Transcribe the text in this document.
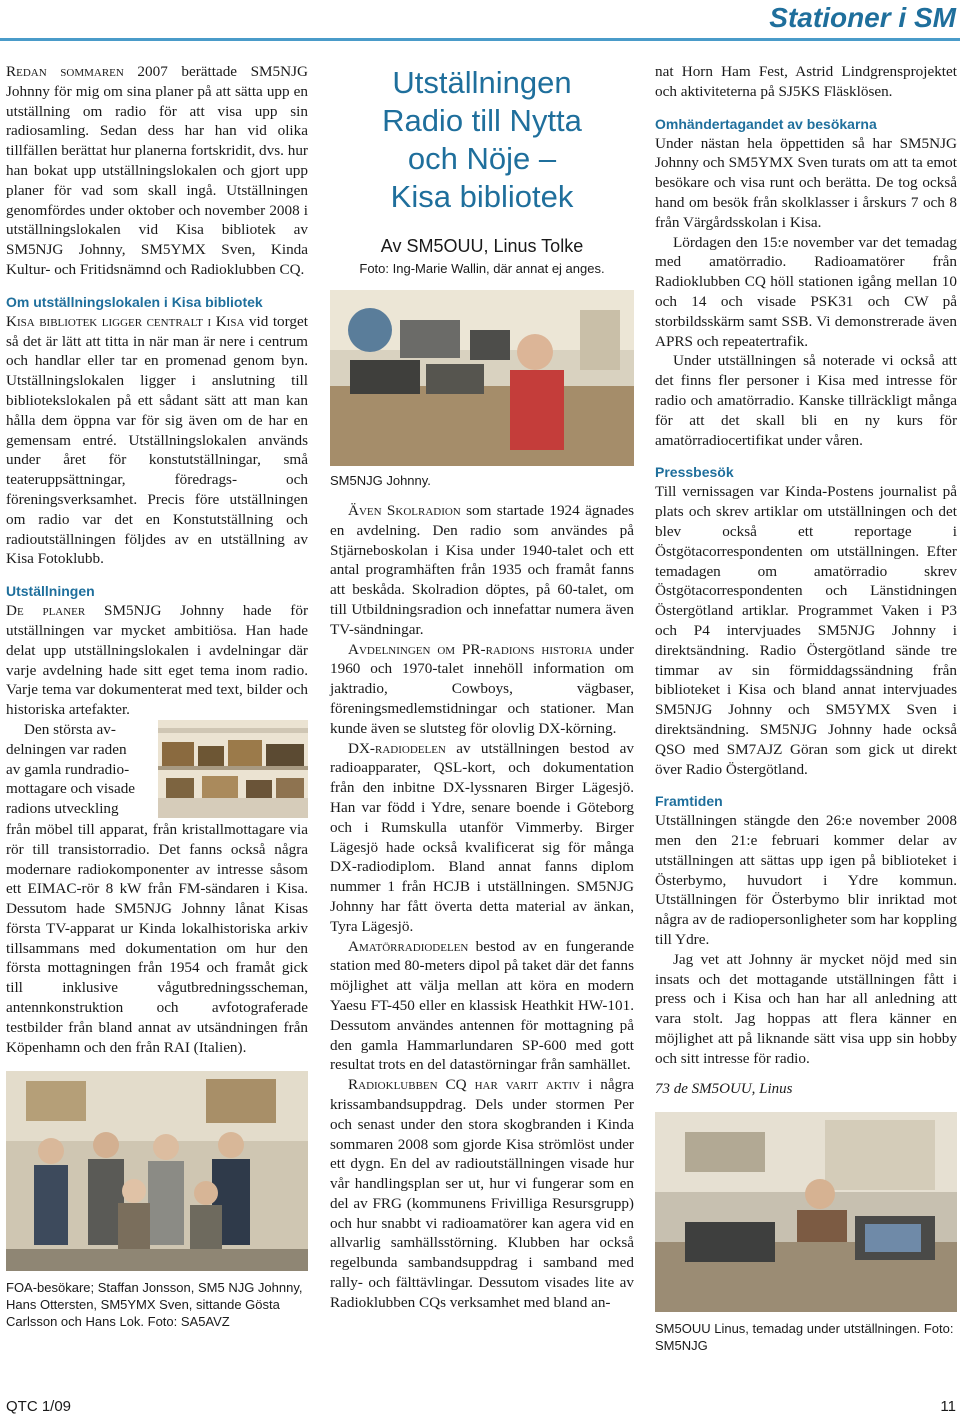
Stationer i SM

Redan sommaren 2007 berättade SM5NJG Johnny för mig om sina planer på att sätta upp en utställning om radio för att visa upp sin radiosamling. Sedan dess har han vid olika tillfällen berättat hur planerna fortskridit, dvs. hur han bokat upp utställningslokalen och gjort upp planer för vad som skall ingå. Utställningen genomfördes under oktober och november 2008 i utställningslokalen vid Kisa bibliotek av SM5NJG Johnny, SM5YMX Sven, Kinda Kultur- och Fritidsnämnd och Radioklubben CQ.

Om utställningslokalen i Kisa bibliotek

Kisa bibliotek ligger centralt i Kisa vid torget så det är lätt att titta in när man är nere i centrum och handlar eller tar en promenad genom byn. Utställningslokalen ligger i anslutning till bibliotekslokalen på ett sådant sätt att man kan hålla dem öppna var för sig även om de har en gemensam entré. Utställningslokalen används under året för konstutställningar, små teateruppsättningar, föredrags- och föreningsverksamhet. Precis före utställningen om radio var det en Konstutställning och radioutställningen följdes av en utställning av Kisa Fotoklubb.

Utställningen

De planer SM5NJG Johnny hade för utställningen var mycket ambitiösa. Han hade delat upp utställningslokalen i avdelningar där varje avdelning hade sitt eget tema inom radio. Varje tema var dokumenterat med text, bilder och historiska artefakter.

Den största av-
delningen var raden
av gamla rundradio-
mottagare och visade
radions utveckling

från möbel till apparat, från kristallmottagare via rör till transistorradio. Det fanns också några modernare radiokomponenter av intresse såsom ett EIMAC-rör 8 kW från FM-sändaren i Kisa. Dessutom hade SM5NJG Johnny lånat Kisas första TV-apparat ur Kinda lokalhistoriska arkiv tillsammans med dokumentation om hur den första mottagningen från 1954 och framåt gick till inklusive vågutbredningsscheman, antennkonstruktion och avfotograferade testbilder från bland annat av utsändningen från Köpenhamn och den från RAI (Italien).

FOA-besökare; Staffan Jonsson, SM5 NJG Johnny, Hans Ottersten, SM5YMX Sven, sittande Gösta Carlsson och Hans Lok. Foto: SA5AVZ
Utställningen
Radio till Nytta
och Nöje –
Kisa bibliotek
Av SM5OUU, Linus Tolke
Foto: Ing-Marie Wallin, där annat ej anges.
SM5NJG Johnny.

Även Skolradion som startade 1924 ägnades en avdelning. Den radio som användes på Stjärneboskolan i Kisa under 1940-talet och ett antal programhäften från 1935 och framåt fanns att beskåda. Skolradion döptes, på 60-talet, om till Utbildningsradion och innefattar numera även TV-sändningar.

Avdelningen om PR-radions historia under 1960 och 1970-talet innehöll information om jaktradio, Cowboys, vägbaser, föreningsmedlemstidningar och stationer. Man kunde även se slutsteg för olovlig DX-körning.

DX-radiodelen av utställningen bestod av radioapparater, QSL-kort, och dokumentation från den inbitne DX-lyssnaren Birger Lägesjö. Han var född i Ydre, senare boende i Göteborg och i Rumskulla utanför Vimmerby. Birger Lägesjö hade också kvalificerat sig för många DX-radiodiplom. Bland annat fanns diplom nummer 1 från HCJB i utställningen. SM5NJG Johnny har fått överta detta material av änkan, Tyra Lägesjö.

Amatörradiodelen bestod av en fungerande station med 80-meters dipol på taket där det fanns möjlighet att välja mellan att köra en modern Yaesu FT-450 eller en klassisk Heathkit HW-101. Dessutom användes antennen för mottagning på den gamla Hammarlundaren SP-600 med gott resultat trots en del datastörningar från samhället.

Radioklubben CQ har varit aktiv i några krissambandsuppdrag. Dels under stormen Per och senast under den stora skogbranden i Kinda sommaren 2008 som gjorde Kisa strömlöst under ett dygn. En del av radioutställningen visade hur vår handlingsplan ser ut, hur vi fungerar som en del av FRG (kommunens Frivilliga Resursgrupp) och hur snabbt vi radioamatörer kan agera vid en allvarlig samhällsstörning. Klubben har också regelbunda sambandsuppdrag i samband med rally- och fälttävlingar. Dessutom visades lite av Radioklubben CQs verksamhet med bland an-

nat Horn Ham Fest, Astrid Lindgrensprojektet och aktiviteterna på SJ5KS Fläsklösen.

Omhändertagandet av besökarna

Under nästan hela öppettiden så har SM5NJG Johnny och SM5YMX Sven turats om att ta emot besökare och visa runt och berätta. De tog också hand om besök från skolklasser i årskurs 7 och 8 från Värgårdsskolan i Kisa.

Lördagen den 15:e november var det temadag med amatörradio. Radioamatörer från Radioklubben CQ höll stationen igång mellan 10 och 14 och visade PSK31 och CW på storbildsskärm samt SSB. Vi demonstrerade även APRS och repeatertrafik.

Under utställningen så noterade vi också att det finns fler personer i Kisa med intresse för radio och amatörradio. Kanske tillräckligt många för att det skall bli en ny kurs för amatörradiocertifikat under våren.

Pressbesök

Till vernissagen var Kinda-Postens journalist på plats och skrev artiklar om utställningen och det blev också ett reportage i Östgötacorrespondenten om utställningen. Efter temadagen om amatörradio skrev Östgötacorrespondenten och Länstidningen Östergötland artiklar. Programmet Vaken i P3 och P4 intervjuades SM5NJG Johnny i direktsändning. Radio Östergötland sände tre timmar av sin förmiddagssändning från biblioteket i Kisa och bland annat intervjuades SM5NJG Johnny och SM5YMX Sven i direktsändning. SM5NJG Johnny hade också QSO med SM7AJZ Göran som gick ut direkt över Radio Östergötland.

Framtiden

Utställningen stängde den 26:e november 2008 men den 21:e februari kommer delar av utställningen att sättas upp igen på biblioteket i Österbymo, huvudort i Ydre kommun. Utställningen för Österbymo blir inriktad mot några av de radiopersonligheter som har koppling till Ydre.

Jag vet att Johnny är mycket nöjd med sin insats och det mottagande utställningen fått i press och i Kisa och han har all anledning att vara stolt. Jag hoppas att flera känner en möjlighet att på liknande sätt visa upp sin hobby och sitt intresse för radio.

73 de SM5OUU, Linus
SM5OUU Linus, temadag under utställningen. Foto: SM5NJG
QTC 1/09	11
